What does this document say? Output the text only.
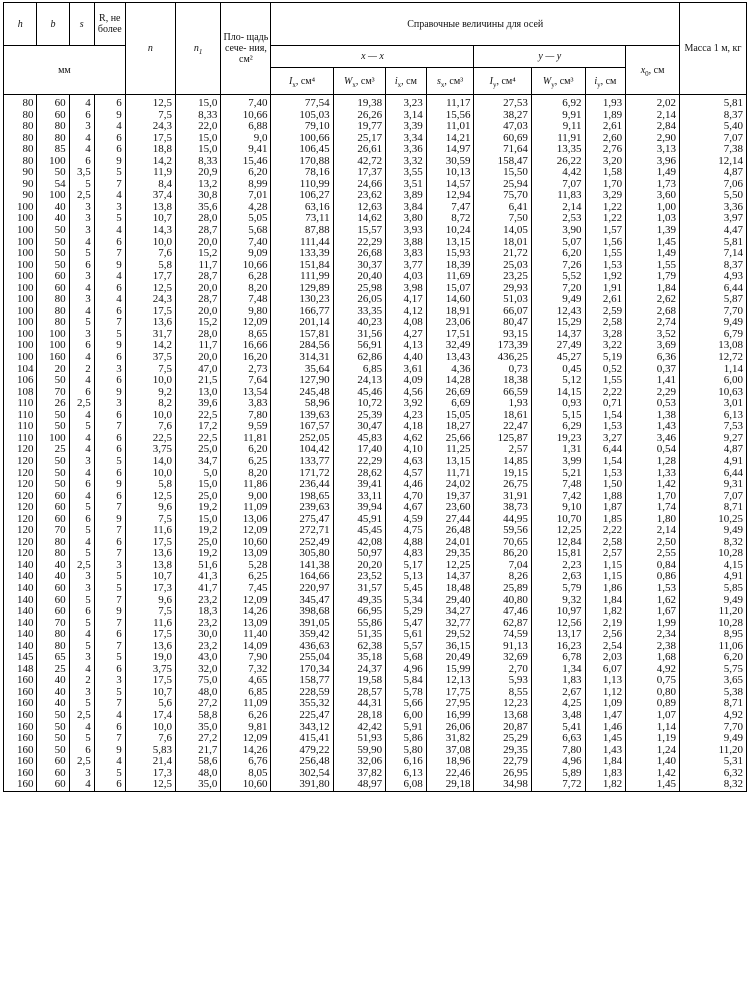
h	b	s	R, не более	n	$n_1$	Пло- щадь сече- ния, см²	Справочные величины для осей								Масса 1 м, кг
мм							x — x				y — y			$x_0$, см	
							$I_x$, см⁴	$W_x$, см³	$i_x$, см	$s_x$, см³	$I_y$, см⁴	$W_y$, см³	$i_y$, см		
80	60	4	6	12,5	15,0	7,40	77,54	19,38	3,23	11,17	27,53	6,92	1,93	2,02	5,81
80	60	6	9	7,5	8,33	10,66	105,03	26,26	3,14	15,56	38,27	9,91	1,89	2,14	8,37
80	80	3	4	24,3	22,0	6,88	79,10	19,77	3,39	11,01	47,03	9,11	2,61	2,84	5,40
80	80	4	6	17,5	15,0	9,0	100,66	25,17	3,34	14,21	60,69	11,91	2,60	2,90	7,07
80	85	4	6	18,8	15,0	9,41	106,45	26,61	3,36	14,97	71,64	13,35	2,76	3,13	7,38
80	100	6	9	14,2	8,33	15,46	170,88	42,72	3,32	30,59	158,47	26,22	3,20	3,96	12,14
90	50	3,5	5	11,9	20,9	6,20	78,16	17,37	3,55	10,13	15,50	4,42	1,58	1,49	4,87
90	54	5	7	8,4	13,2	8,99	110,99	24,66	3,51	14,57	25,94	7,07	1,70	1,73	7,06
90	100	2,5	4	37,4	30,8	7,01	106,27	23,62	3,89	12,94	75,70	11,83	3,29	3,60	5,50
100	40	3	3	13,8	35,6	4,28	63,16	12,63	3,84	7,47	6,41	2,14	1,22	1,00	3,36
100	40	3	5	10,7	28,0	5,05	73,11	14,62	3,80	8,72	7,50	2,53	1,22	1,03	3,97
100	50	3	4	14,3	28,7	5,68	87,88	15,57	3,93	10,24	14,05	3,90	1,57	1,39	4,47
100	50	4	6	10,0	20,0	7,40	111,44	22,29	3,88	13,15	18,01	5,07	1,56	1,45	5,81
100	50	5	7	7,6	15,2	9,09	133,39	26,68	3,83	15,93	21,72	6,20	1,55	1,49	7,14
100	50	6	9	5,8	11,7	10,66	151,84	30,37	3,77	18,39	25,03	7,26	1,53	1,55	8,37
100	60	3	4	17,7	28,7	6,28	111,99	20,40	4,03	11,69	23,25	5,52	1,92	1,79	4,93
100	60	4	6	12,5	20,0	8,20	129,89	25,98	3,98	15,07	29,93	7,20	1,91	1,84	6,44
100	80	3	4	24,3	28,7	7,48	130,23	26,05	4,17	14,60	51,03	9,49	2,61	2,62	5,87
100	80	4	6	17,5	20,0	9,80	166,77	33,35	4,12	18,91	66,07	12,43	2,59	2,68	7,70
100	80	5	7	13,6	15,2	12,09	201,14	40,23	4,08	23,06	80,47	15,29	2,58	2,74	9,49
100	100	3	5	31,7	28,0	8,65	157,81	31,56	4,27	17,51	93,15	14,37	3,28	3,52	6,79
100	100	6	9	14,2	11,7	16,66	284,56	56,91	4,13	32,49	173,39	27,49	3,22	3,69	13,08
100	160	4	6	37,5	20,0	16,20	314,31	62,86	4,40	13,43	436,25	45,27	5,19	6,36	12,72
104	20	2	3	7,5	47,0	2,73	35,64	6,85	3,61	4,36	0,73	0,45	0,52	0,37	1,14
106	50	4	6	10,0	21,5	7,64	127,90	24,13	4,09	14,28	18,38	5,12	1,55	1,41	6,00
108	70	6	9	9,2	13,0	13,54	245,48	45,46	4,56	26,69	66,59	14,15	2,22	2,29	10,63
110	26	2,5	3	8,2	39,6	3,83	58,96	10,72	3,92	6,69	1,93	0,93	0,71	0,53	3,01
110	50	4	6	10,0	22,5	7,80	139,63	25,39	4,23	15,05	18,61	5,15	1,54	1,38	6,13
110	50	5	7	7,6	17,2	9,59	167,57	30,47	4,18	18,27	22,47	6,29	1,53	1,43	7,53
110	100	4	6	22,5	22,5	11,81	252,05	45,83	4,62	25,66	125,87	19,23	3,27	3,46	9,27
120	25	4	6	3,75	25,0	6,20	104,42	17,40	4,10	11,25	2,57	1,31	6,44	0,54	4,87
120	50	3	5	14,0	34,7	6,25	133,77	22,29	4,63	13,15	14,85	3,99	1,54	1,28	4,91
120	50	4	6	10,0	5,0	8,20	171,72	28,62	4,57	11,71	19,15	5,21	1,53	1,33	6,44
120	50	6	9	5,8	15,0	11,86	236,44	39,41	4,46	24,02	26,75	7,48	1,50	1,42	9,31
120	60	4	6	12,5	25,0	9,00	198,65	33,11	4,70	19,37	31,91	7,42	1,88	1,70	7,07
120	60	5	7	9,6	19,2	11,09	239,63	39,94	4,67	23,60	38,73	9,10	1,87	1,74	8,71
120	60	6	9	7,5	15,0	13,06	275,47	45,91	4,59	27,44	44,95	10,70	1,85	1,80	10,25
120	70	5	7	11,6	19,2	12,09	272,71	45,45	4,75	26,48	59,56	12,25	2,22	2,14	9,49
120	80	4	6	17,5	25,0	10,60	252,49	42,08	4,88	24,01	70,65	12,84	2,58	2,50	8,32
120	80	5	7	13,6	19,2	13,09	305,80	50,97	4,83	29,35	86,20	15,81	2,57	2,55	10,28
140	40	2,5	3	13,8	51,6	5,28	141,38	20,20	5,17	12,25	7,04	2,23	1,15	0,84	4,15
140	40	3	5	10,7	41,3	6,25	164,66	23,52	5,13	14,37	8,26	2,63	1,15	0,86	4,91
140	60	3	5	17,3	41,7	7,45	220,97	31,57	5,45	18,48	25,89	5,79	1,86	1,53	5,85
140	60	5	7	9,6	23,2	12,09	345,47	49,35	5,34	29,40	40,80	9,32	1,84	1,62	9,49
140	60	6	9	7,5	18,3	14,26	398,68	66,95	5,29	34,27	47,46	10,97	1,82	1,67	11,20
140	70	5	7	11,6	23,2	13,09	391,05	55,86	5,47	32,77	62,87	12,56	2,19	1,99	10,28
140	80	4	6	17,5	30,0	11,40	359,42	51,35	5,61	29,52	74,59	13,17	2,56	2,34	8,95
140	80	5	7	13,6	23,2	14,09	436,63	62,38	5,57	36,15	91,13	16,23	2,54	2,38	11,06
145	65	3	5	19,0	43,0	7,90	255,04	35,18	5,68	20,49	32,69	6,78	2,03	1,68	6,20
148	25	4	6	3,75	32,0	7,32	170,34	24,37	4,96	15,99	2,70	1,34	6,07	4,92	5,75
160	40	2	3	17,5	75,0	4,65	158,77	19,58	5,84	12,13	5,93	1,83	1,13	0,75	3,65
160	40	3	5	10,7	48,0	6,85	228,59	28,57	5,78	17,75	8,55	2,67	1,12	0,80	5,38
160	40	5	7	5,6	27,2	11,09	355,32	44,31	5,66	27,95	12,23	4,25	1,09	0,89	8,71
160	50	2,5	4	17,4	58,8	6,26	225,47	28,18	6,00	16,99	13,68	3,48	1,47	1,07	4,92
160	50	4	6	10,0	35,0	9,81	343,12	42,42	5,91	26,06	20,87	5,41	1,46	1,14	7,70
160	50	5	7	7,6	27,2	12,09	415,41	51,93	5,86	31,82	25,29	6,63	1,45	1,19	9,49
160	50	6	9	5,83	21,7	14,26	479,22	59,90	5,80	37,08	29,35	7,80	1,43	1,24	11,20
160	60	2,5	4	21,4	58,6	6,76	256,48	32,06	6,16	18,96	22,79	4,96	1,84	1,40	5,31
160	60	3	5	17,3	48,0	8,05	302,54	37,82	6,13	22,46	26,95	5,89	1,83	1,42	6,32
160	60	4	6	12,5	35,0	10,60	391,80	48,97	6,08	29,18	34,98	7,72	1,82	1,45	8,32
